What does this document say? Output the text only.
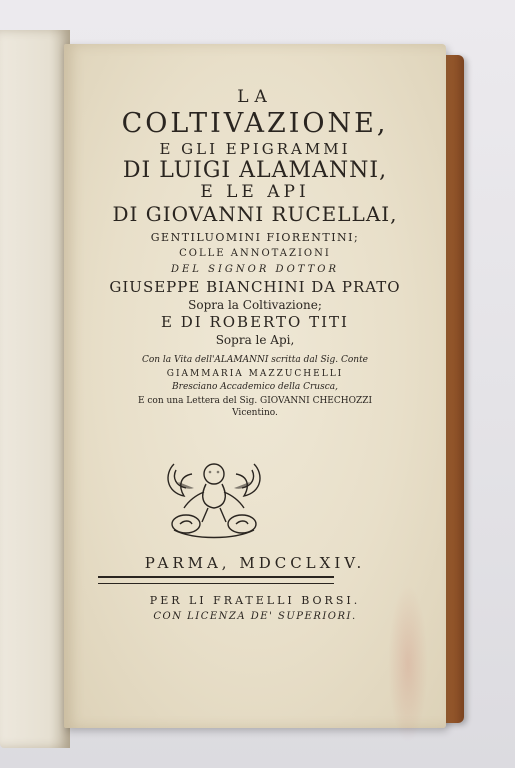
LA
COLTIVAZIONE,
E GLI EPIGRAMMI
DI LUIGI ALAMANNI,
E LE API
DI GIOVANNI RUCELLAI,
GENTILUOMINI FIORENTINI;
COLLE ANNOTAZIONI
DEL SIGNOR DOTTOR
GIUSEPPE BIANCHINI DA PRATO
Sopra la Coltivazione;
E DI ROBERTO TITI
Sopra le Api,
Con la Vita dell'ALAMANNI scritta dal Sig. Conte
GIAMMARIA MAZZUCHELLI
Bresciano Accademico della Crusca,
E con una Lettera del Sig. GIOVANNI CHECHOZZI
Vicentino.
PARMA, MDCCLXIV.
PER LI FRATELLI BORSI.
CON LICENZA DE' SUPERIORI.
